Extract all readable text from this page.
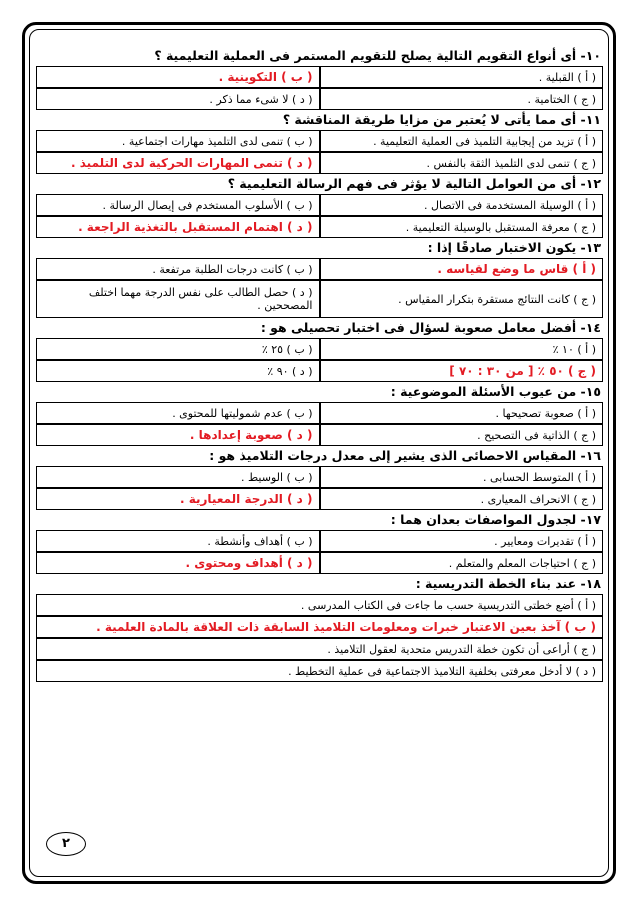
١٠- أى أنواع التقويم التالية يصلح للتقويم المستمر فى العملية التعليمية ؟
( أ ) القبلية .
( ب ) التكوينية .
( ج ) الختامية .
( د ) لا شىء مما ذكر .
١١- أى مما يأتى لا يُعتبر من مزايا طريقة المناقشة ؟
( أ ) تزيد من إيجابية التلميذ فى العملية التعليمية .
( ب ) تنمى لدى التلميذ مهارات اجتماعية .
( ج ) تنمى لدى التلميذ الثقة بالنفس .
( د ) تنمى المهارات الحركية لدى التلميذ .
١٢- أى من العوامل التالية لا يؤثر فى فهم الرسالة التعليمية ؟
( أ ) الوسيلة المستخدمة فى الاتصال .
( ب ) الأسلوب المستخدم فى إيصال الرسالة .
( ج ) معرفة المستقبل بالوسيلة التعليمية .
( د ) اهتمام المستقبل بالتغذية الراجعة .
١٣- يكون الاختبار صادقًا إذا :
( أ ) قاس ما وضع لقياسه .
( ب ) كانت درجات الطلبة مرتفعة .
( ج ) كانت النتائج مستقرة بتكرار المقياس .
( د ) حصل الطالب على نفس الدرجة مهما اختلف المصححين .
١٤- أفضل معامل صعوبة لسؤال فى اختبار تحصيلى هو :
( أ ) ١٠ ٪
( ب ) ٢٥ ٪
( ج ) ٥٠ ٪ [ من ٣٠ : ٧٠ ]
( د ) ٩٠ ٪
١٥- من عيوب الأسئلة الموضوعية :
( أ ) صعوبة تصحيحها .
( ب ) عدم شموليتها للمحتوى .
( ج ) الذاتية فى التصحيح .
( د ) صعوبة إعدادها .
١٦- المقياس الاحصائى الذى يشير إلى معدل درجات التلاميذ هو :
( أ ) المتوسط الحسابى .
( ب ) الوسيط .
( ج ) الانحراف المعيارى .
( د ) الدرجة المعيارية .
١٧- لجدول المواصفات بعدان هما :
( أ ) تقديرات ومعايير .
( ب ) أهداف وأنشطة .
( ج ) احتياجات المعلم والمتعلم .
( د ) أهداف ومحتوى .
١٨- عند بناء الخطة التدريسية :
( أ ) أضع خطتى التدريسية حسب ما جاءت فى الكتاب المدرسى .
( ب ) آخذ بعين الاعتبار خبرات ومعلومات التلاميذ السابقة ذات العلاقة بالمادة العلمية .
( ج ) أراعى أن تكون خطة التدريس متحدية لعقول التلاميذ .
( د ) لا أدخل معرفتى بخلفية التلاميذ الاجتماعية فى عملية التخطيط .
٢
